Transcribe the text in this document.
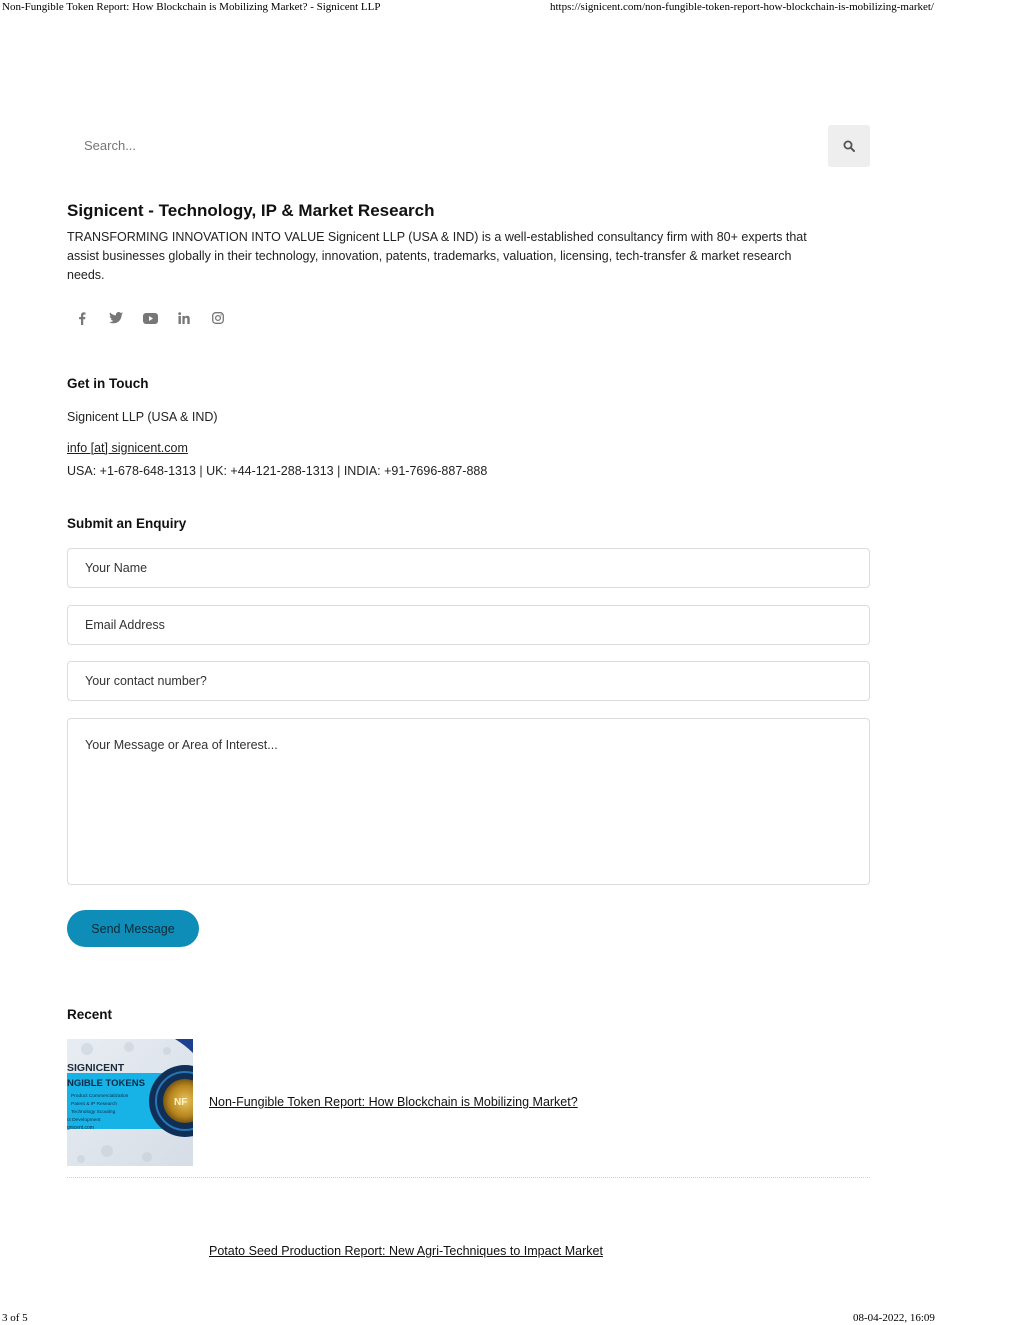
Non-Fungible Token Report: How Blockchain is Mobilizing Market? - Signicent LLP	https://signicent.com/non-fungible-token-report-how-blockchain-is-mobilizing-market/
Search...
Signicent - Technology, IP & Market Research
TRANSFORMING INNOVATION INTO VALUE Signicent LLP (USA & IND) is a well-established consultancy firm with 80+ experts that assist businesses globally in their technology, innovation, patents, trademarks, valuation, licensing, tech-transfer & market research needs.
Get in Touch
Signicent LLP (USA & IND)
info [at] signicent.com
USA: +1-678-648-1313 | UK: +44-121-288-1313 | INDIA: +91-7696-887-888
Submit an Enquiry
Your Name
Email Address
Your contact number?
Your Message or Area of Interest...
Send Message
Recent
SIGNICENT
NGIBLE TOKENS
Product Commercialization
Patent & IP Research
Technology Scouting
ct Development
gnicent.com
NF Non-Fungible Token Report: How Blockchain is Mobilizing Market?
Potato Seed Production Report: New Agri-Techniques to Impact Market
3 of 5	08-04-2022, 16:09
